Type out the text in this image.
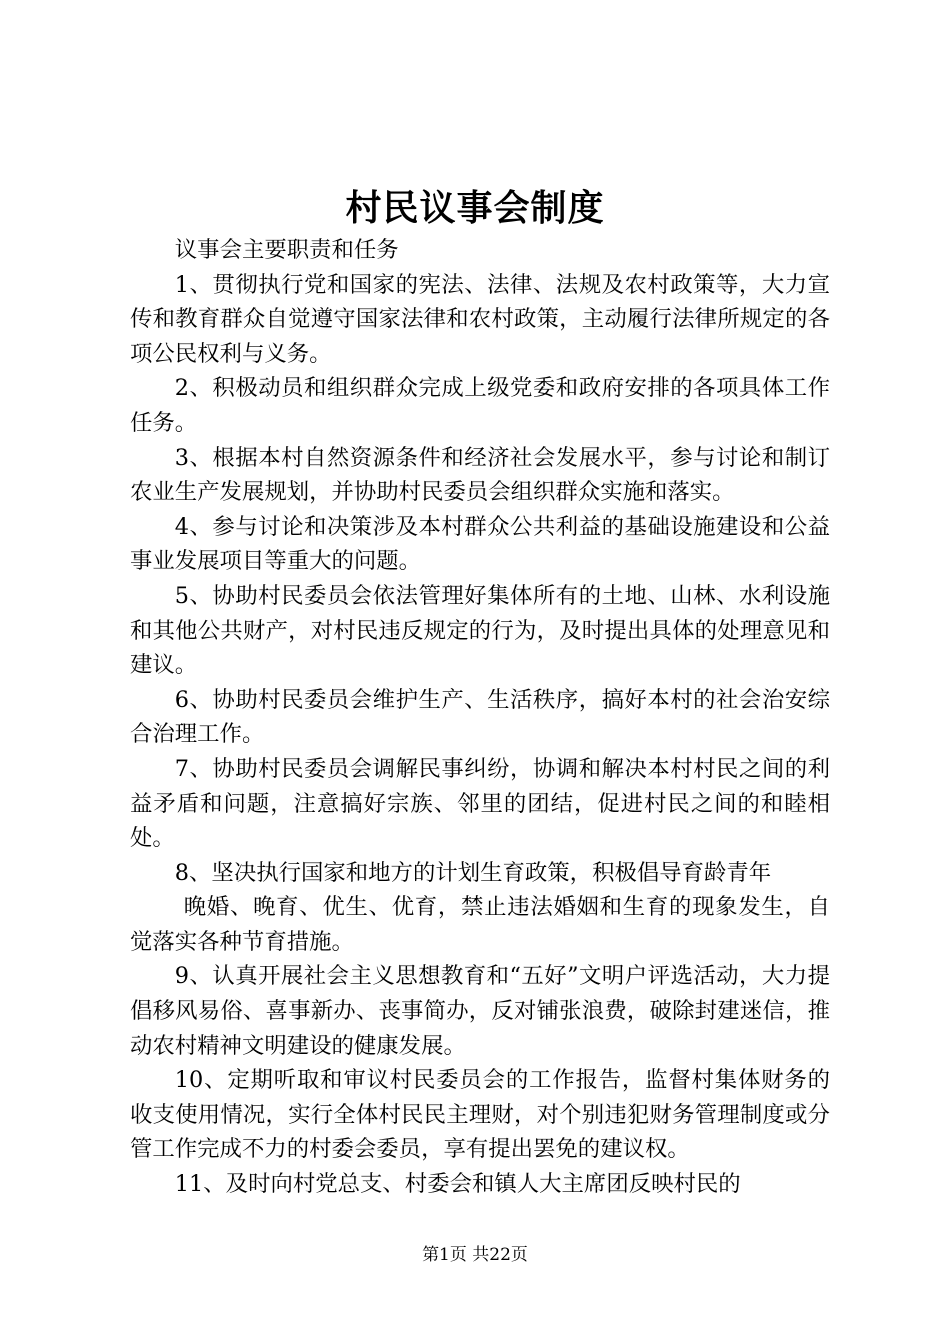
村民议事会制度

议事会主要职责和任务

1、贯彻执行党和国家的宪法、法律、法规及农村政策等，大力宣传和教育群众自觉遵守国家法律和农村政策，主动履行法律所规定的各项公民权利与义务。

2、积极动员和组织群众完成上级党委和政府安排的各项具体工作任务。

3、根据本村自然资源条件和经济社会发展水平，参与讨论和制订农业生产发展规划，并协助村民委员会组织群众实施和落实。

4、参与讨论和决策涉及本村群众公共利益的基础设施建设和公益事业发展项目等重大的问题。

5、协助村民委员会依法管理好集体所有的土地、山林、水利设施和其他公共财产，对村民违反规定的行为，及时提出具体的处理意见和建议。

6、协助村民委员会维护生产、生活秩序，搞好本村的社会治安综合治理工作。

7、协助村民委员会调解民事纠纷，协调和解决本村村民之间的利益矛盾和问题，注意搞好宗族、邻里的团结，促进村民之间的和睦相处。

8、坚决执行国家和地方的计划生育政策，积极倡导育龄青年

晚婚、晚育、优生、优育，禁止违法婚姻和生育的现象发生，自觉落实各种节育措施。

9、认真开展社会主义思想教育和“五好”文明户评选活动，大力提倡移风易俗、喜事新办、丧事简办，反对铺张浪费，破除封建迷信，推动农村精神文明建设的健康发展。

10、定期听取和审议村民委员会的工作报告，监督村集体财务的收支使用情况，实行全体村民民主理财，对个别违犯财务管理制度或分管工作完成不力的村委会委员，享有提出罢免的建议权。

11、及时向村党总支、村委会和镇人大主席团反映村民的

第1页 共22页
